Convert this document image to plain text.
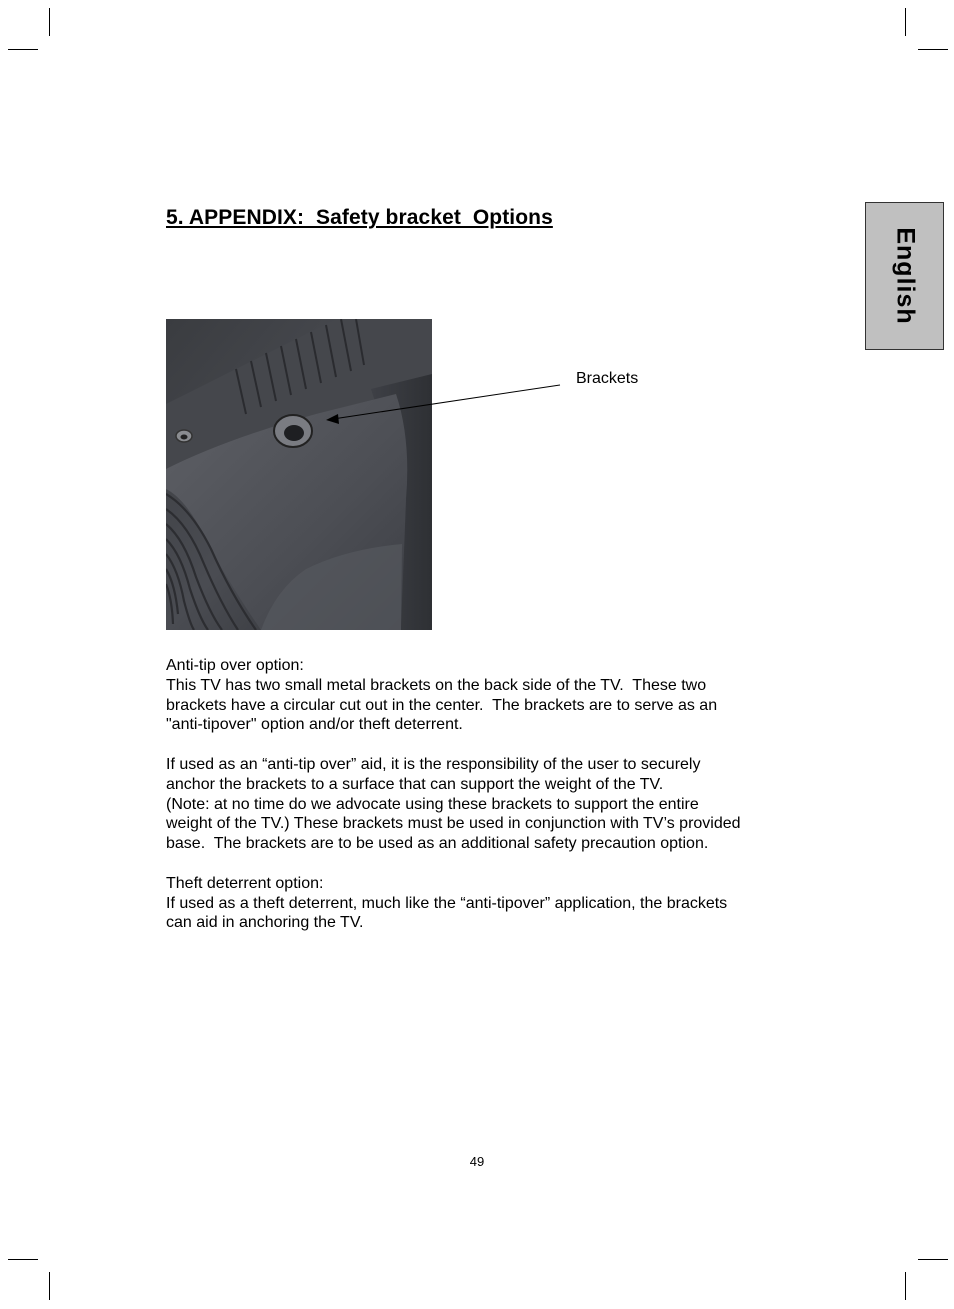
5. APPENDIX:  Safety bracket  Options
English
Brackets
Anti-tip over option:
This TV has two small metal brackets on the back side of the TV.  These two
brackets have a circular cut out in the center.  The brackets are to serve as an
"anti-tipover" option and/or theft deterrent.
If used as an “anti-tip over” aid, it is the responsibility of the user to securely
anchor the brackets to a surface that can support the weight of the TV.
(Note: at no time do we advocate using these brackets to support the entire
weight of the TV.) These brackets must be used in conjunction with TV’s provided
base.  The brackets are to be used as an additional safety precaution option.
Theft deterrent option:
If used as a theft deterrent, much like the “anti-tipover” application, the brackets
can aid in anchoring the TV.
49
